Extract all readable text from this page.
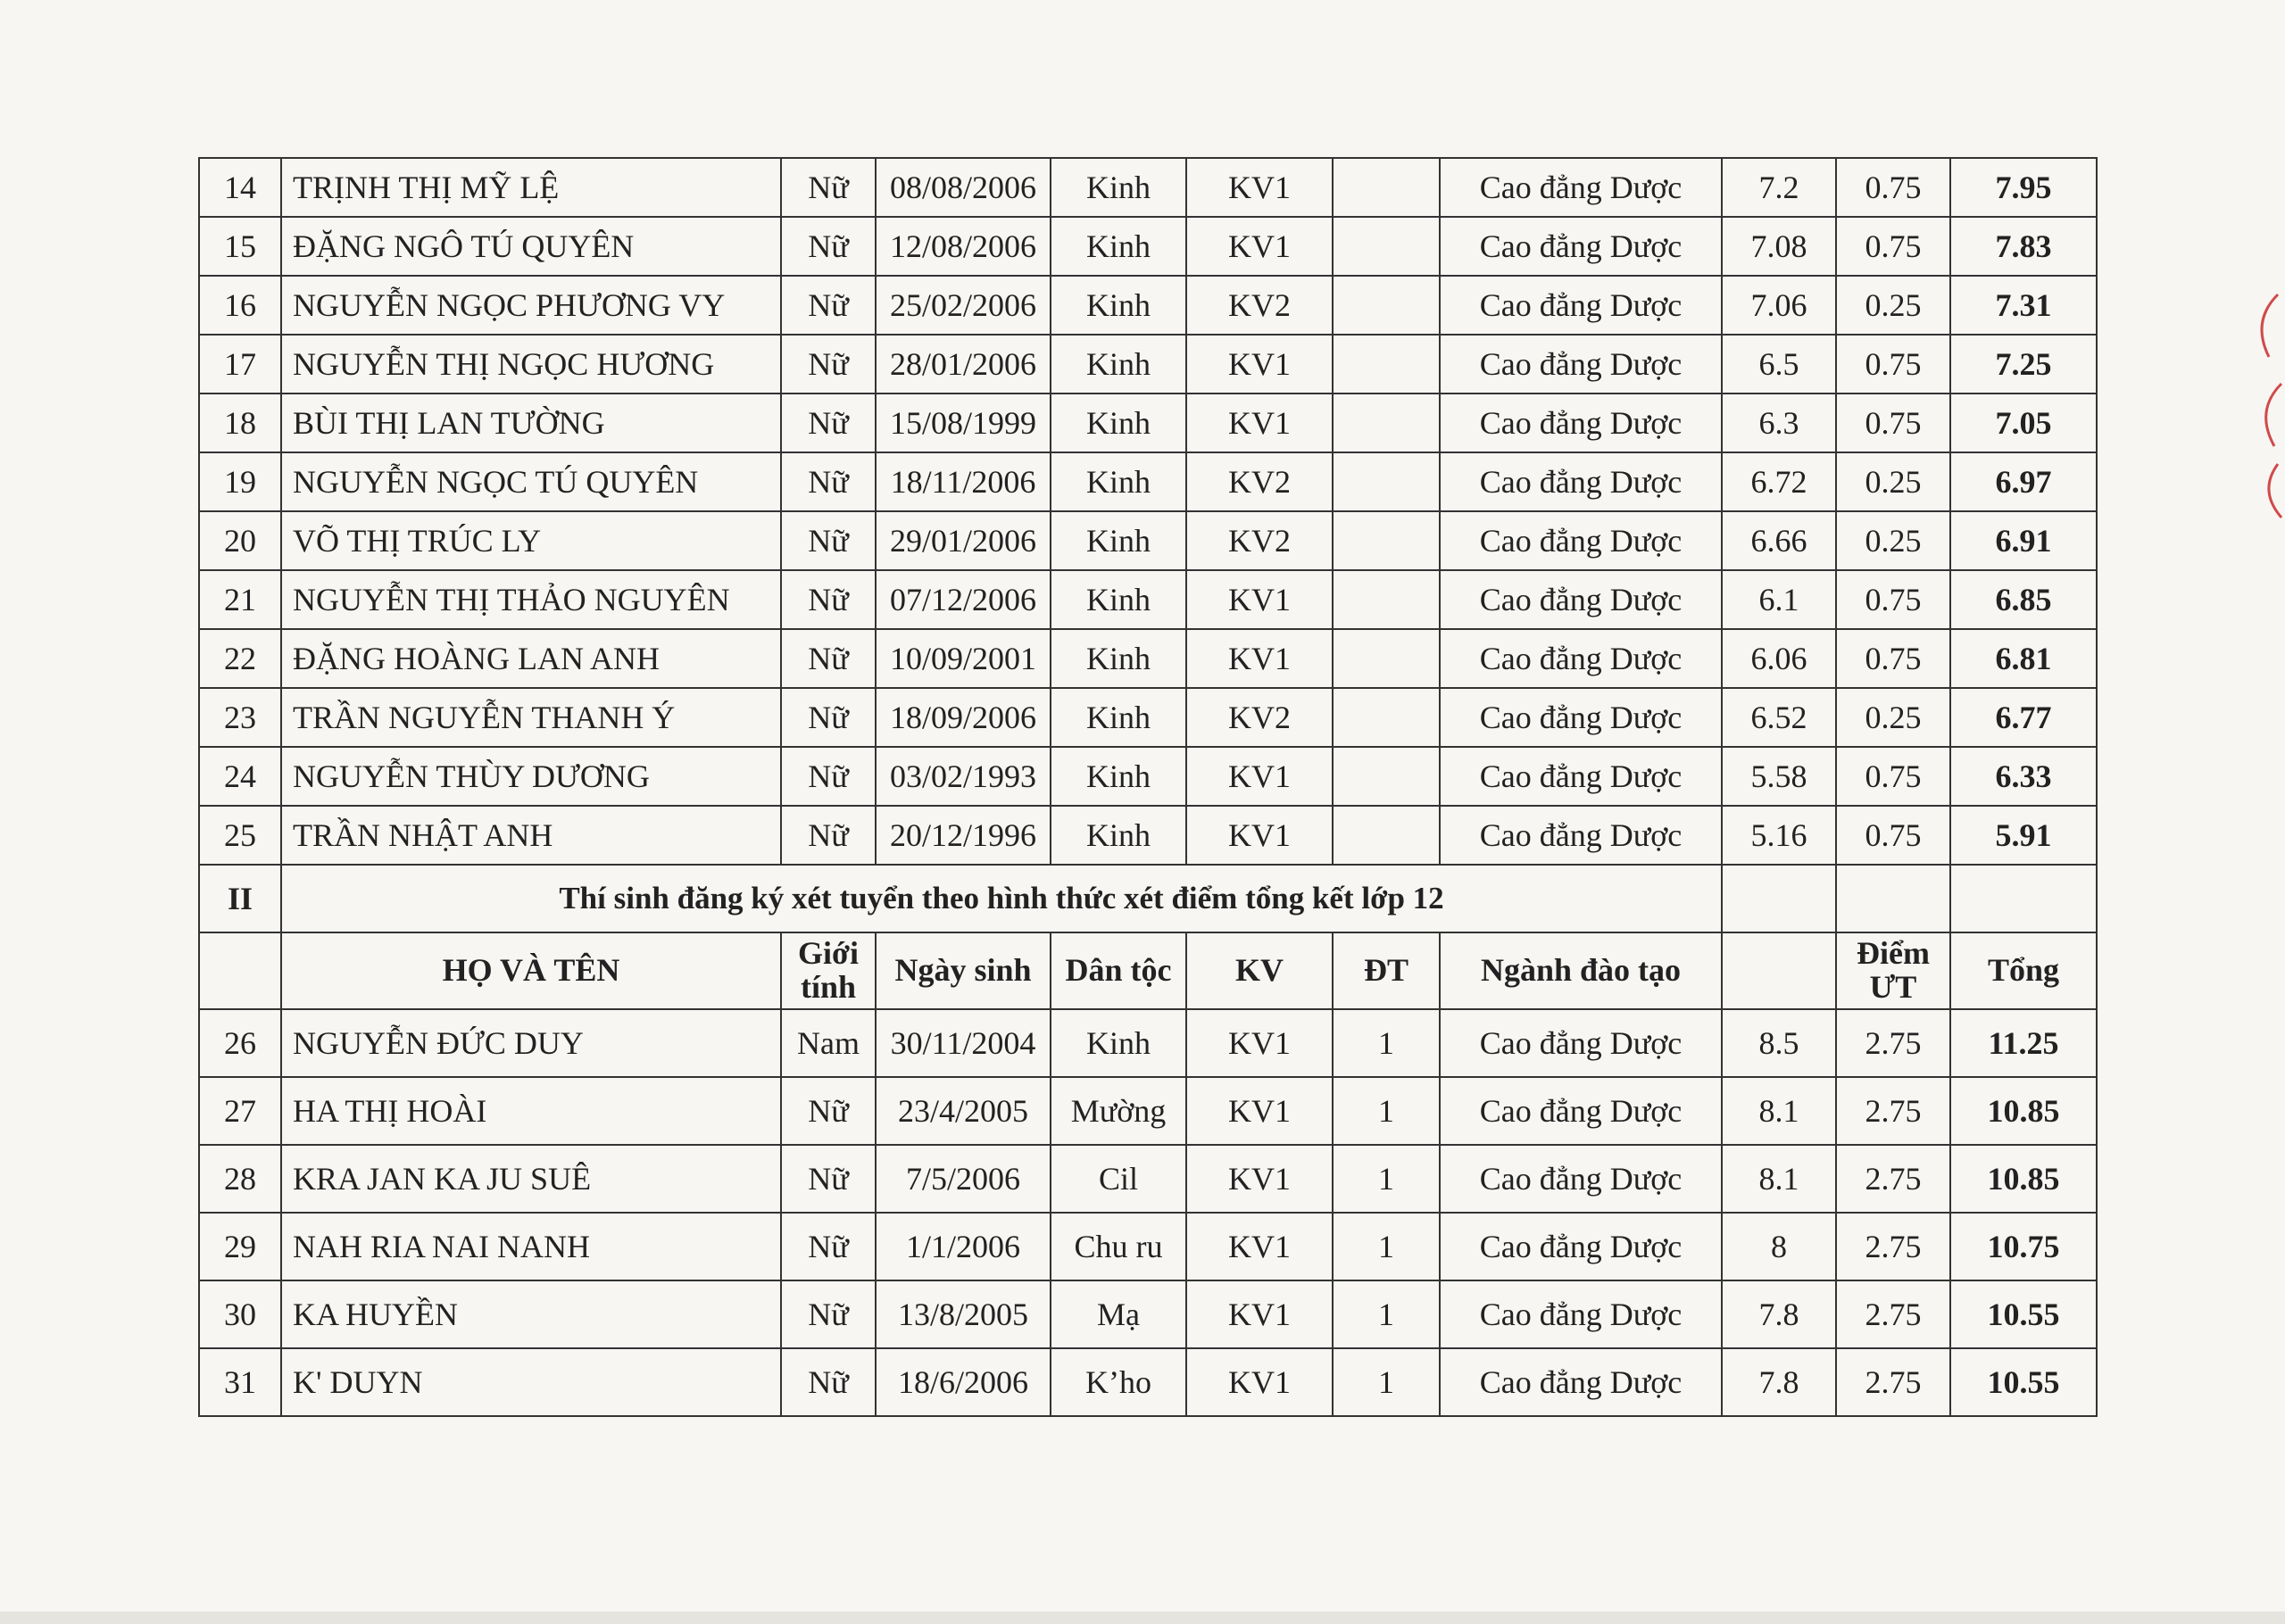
14	TRỊNH THỊ MỸ LỆ	Nữ	08/08/2006	Kinh	KV1		Cao đẳng Dược	7.2	0.75	7.95
15	ĐẶNG NGÔ TÚ QUYÊN	Nữ	12/08/2006	Kinh	KV1		Cao đẳng Dược	7.08	0.75	7.83
16	NGUYỄN NGỌC PHƯƠNG VY	Nữ	25/02/2006	Kinh	KV2		Cao đẳng Dược	7.06	0.25	7.31
17	NGUYỄN THỊ NGỌC HƯƠNG	Nữ	28/01/2006	Kinh	KV1		Cao đẳng Dược	6.5	0.75	7.25
18	BÙI THỊ LAN TƯỜNG	Nữ	15/08/1999	Kinh	KV1		Cao đẳng Dược	6.3	0.75	7.05
19	NGUYỄN NGỌC TÚ QUYÊN	Nữ	18/11/2006	Kinh	KV2		Cao đẳng Dược	6.72	0.25	6.97
20	VÕ THỊ TRÚC LY	Nữ	29/01/2006	Kinh	KV2		Cao đẳng Dược	6.66	0.25	6.91
21	NGUYỄN THỊ THẢO NGUYÊN	Nữ	07/12/2006	Kinh	KV1		Cao đẳng Dược	6.1	0.75	6.85
22	ĐẶNG HOÀNG LAN ANH	Nữ	10/09/2001	Kinh	KV1		Cao đẳng Dược	6.06	0.75	6.81
23	TRẦN NGUYỄN THANH Ý	Nữ	18/09/2006	Kinh	KV2		Cao đẳng Dược	6.52	0.25	6.77
24	NGUYỄN THÙY DƯƠNG	Nữ	03/02/1993	Kinh	KV1		Cao đẳng Dược	5.58	0.75	6.33
25	TRẦN NHẬT ANH	Nữ	20/12/1996	Kinh	KV1		Cao đẳng Dược	5.16	0.75	5.91
II	Thí sinh đăng ký xét tuyển theo hình thức xét điểm tổng kết lớp 12									
	HỌ VÀ TÊN	Giới tính	Ngày sinh	Dân tộc	KV	ĐT	Ngành đào tạo		Điểm ƯT	Tổng
26	NGUYỄN ĐỨC DUY	Nam	30/11/2004	Kinh	KV1	1	Cao đẳng Dược	8.5	2.75	11.25
27	HA THỊ HOÀI	Nữ	23/4/2005	Mường	KV1	1	Cao đẳng Dược	8.1	2.75	10.85
28	KRA JAN KA JU SUÊ	Nữ	7/5/2006	Cil	KV1	1	Cao đẳng Dược	8.1	2.75	10.85
29	NAH RIA NAI NANH	Nữ	1/1/2006	Chu ru	KV1	1	Cao đẳng Dược	8	2.75	10.75
30	KA HUYỀN	Nữ	13/8/2005	Mạ	KV1	1	Cao đẳng Dược	7.8	2.75	10.55
31	K' DUYN	Nữ	18/6/2006	K’ho	KV1	1	Cao đẳng Dược	7.8	2.75	10.55
